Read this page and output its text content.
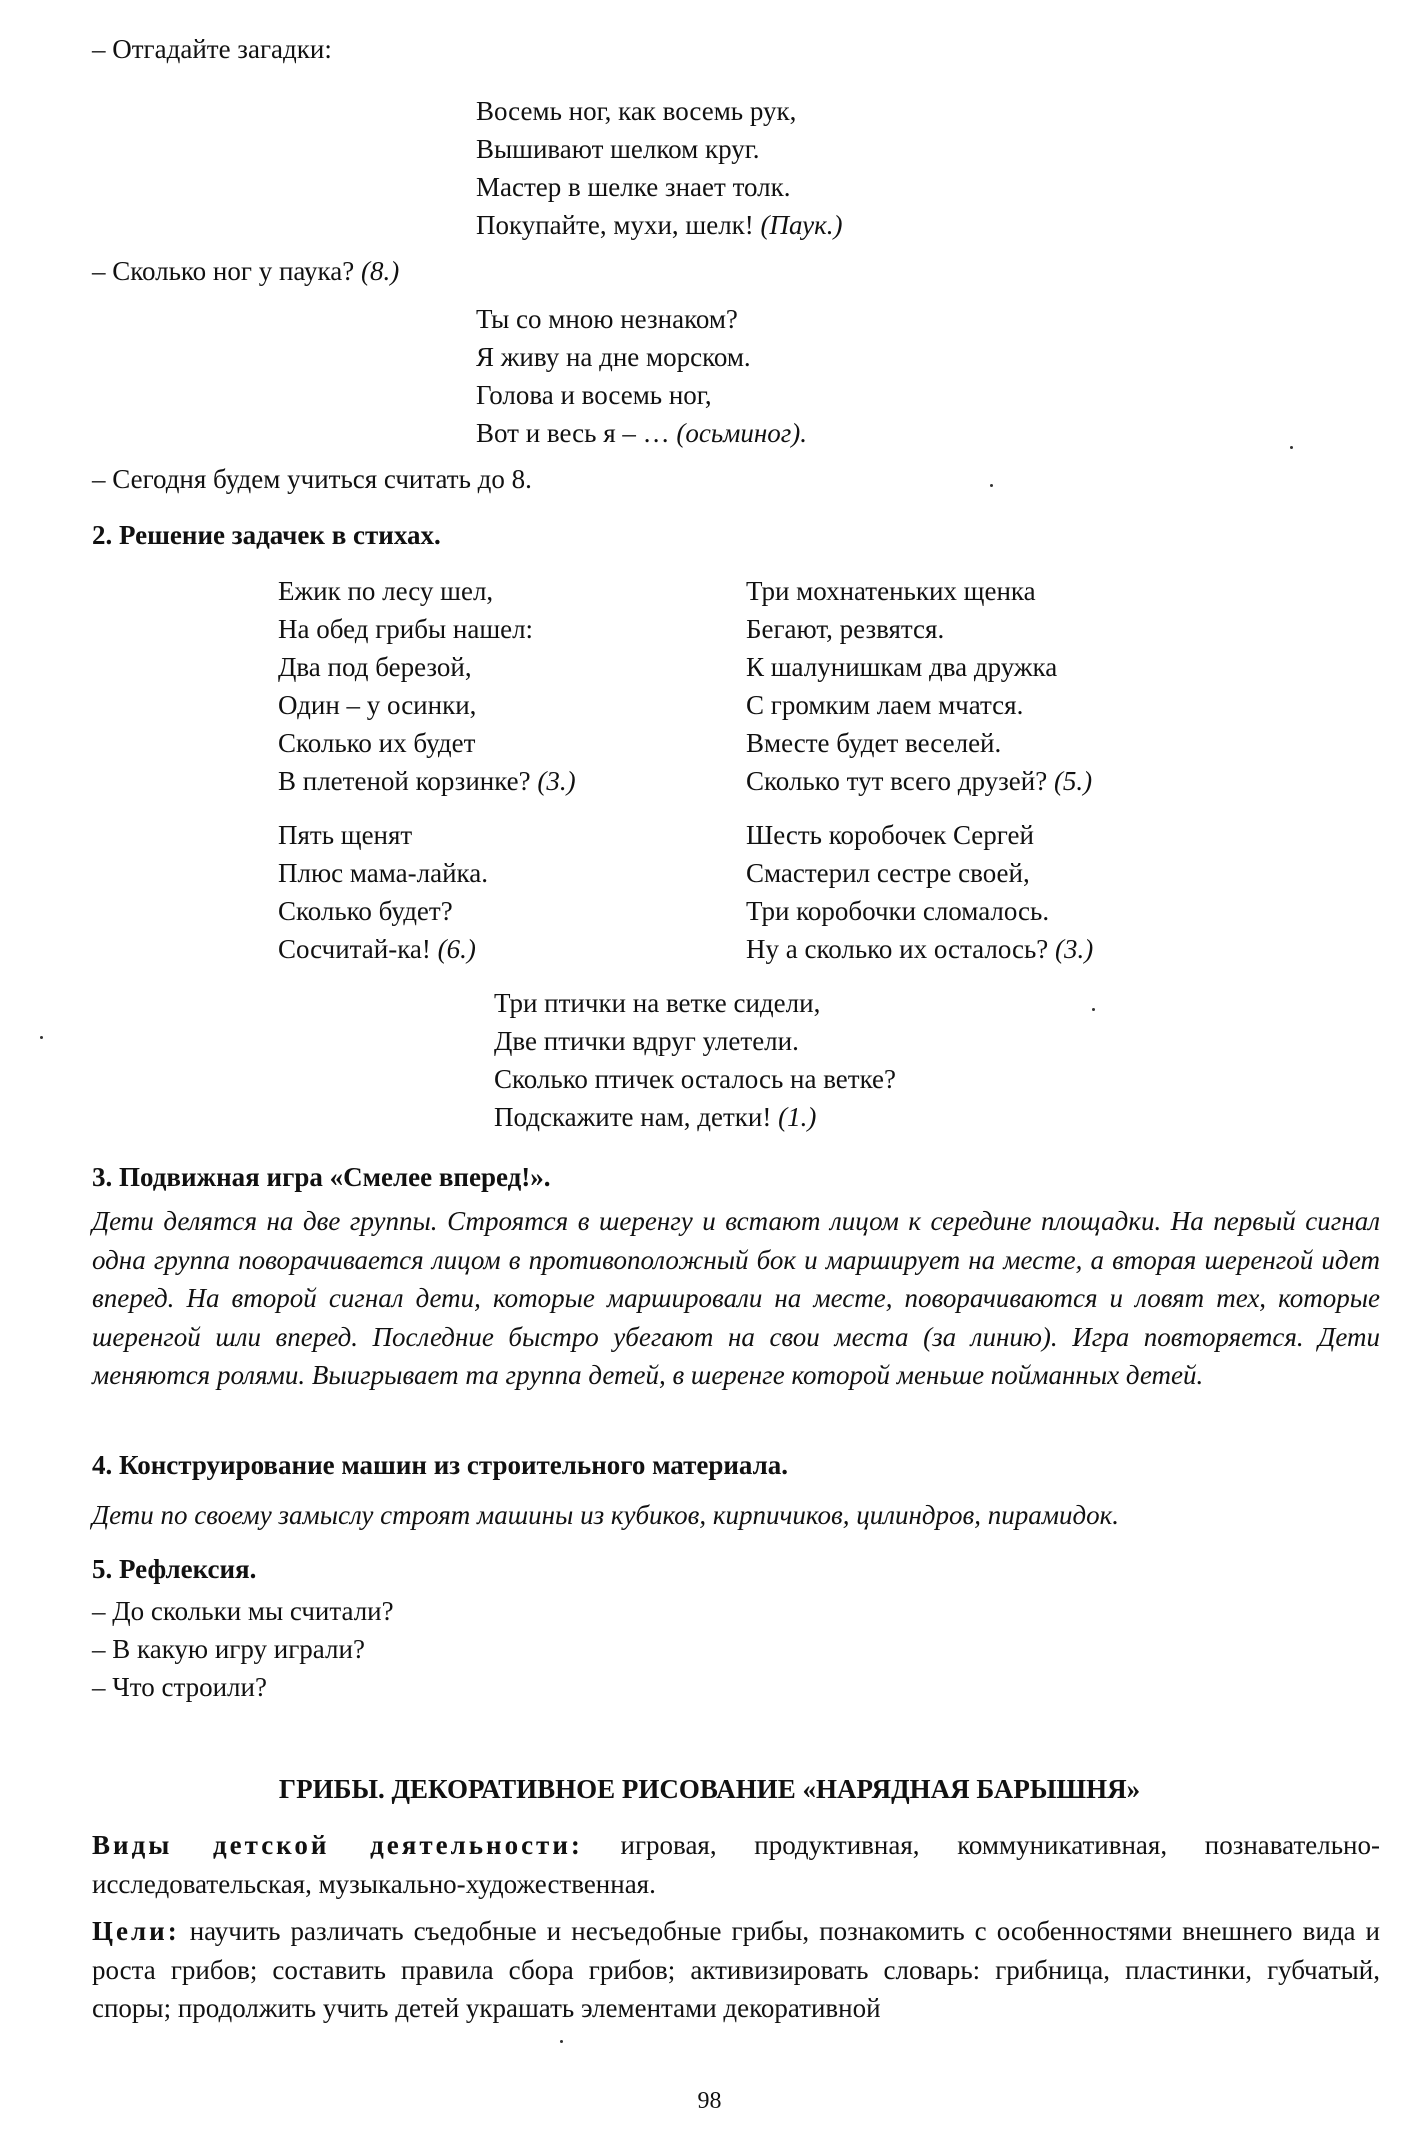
– Отгадайте загадки:
Восемь ног, как восемь рук,
Вышивают шелком круг.
Мастер в шелке знает толк.
Покупайте, мухи, шелк! (Паук.)
– Сколько ног у паука? (8.)
Ты со мною незнаком?
Я живу на дне морском.
Голова и восемь ног,
Вот и весь я – … (осьминог).
– Сегодня будем учиться считать до 8.
2. Решение задачек в стихах.
Ежик по лесу шел,
На обед грибы нашел:
Два под березой,
Один – у осинки,
Сколько их будет
В плетеной корзинке? (3.)
Три мохнатеньких щенка
Бегают, резвятся.
К шалунишкам два дружка
С громким лаем мчатся.
Вместе будет веселей.
Сколько тут всего друзей? (5.)
Пять щенят
Плюс мама-лайка.
Сколько будет?
Сосчитай-ка! (6.)
Шесть коробочек Сергей
Смастерил сестре своей,
Три коробочки сломалось.
Ну а сколько их осталось? (3.)
Три птички на ветке сидели,
Две птички вдруг улетели.
Сколько птичек осталось на ветке?
Подскажите нам, детки! (1.)
3. Подвижная игра «Смелее вперед!».
Дети делятся на две группы. Строятся в шеренгу и встают лицом к середине площадки. На первый сигнал одна группа поворачивается лицом в противоположный бок и марширует на месте, а вторая шеренгой идет вперед. На второй сигнал дети, которые маршировали на месте, поворачиваются и ловят тех, которые шеренгой шли вперед. Последние быстро убегают на свои места (за линию). Игра повторяется. Дети меняются ролями. Выигрывает та группа детей, в шеренге которой меньше пойманных детей.
4. Конструирование машин из строительного материала.
Дети по своему замыслу строят машины из кубиков, кирпичиков, цилиндров, пирамидок.
5. Рефлексия.
– До скольки мы считали?
– В какую игру играли?
– Что строили?
ГРИБЫ. ДЕКОРАТИВНОЕ РИСОВАНИЕ «НАРЯДНАЯ БАРЫШНЯ»
Виды детской деятельности: игровая, продуктивная, коммуникативная, познавательно-исследовательская, музыкально-художественная.
Цели: научить различать съедобные и несъедобные грибы, познакомить с особенностями внешнего вида и роста грибов; составить правила сбора грибов; активизировать словарь: грибница, пластинки, губчатый, споры; продолжить учить детей украшать элементами декоративной
98
